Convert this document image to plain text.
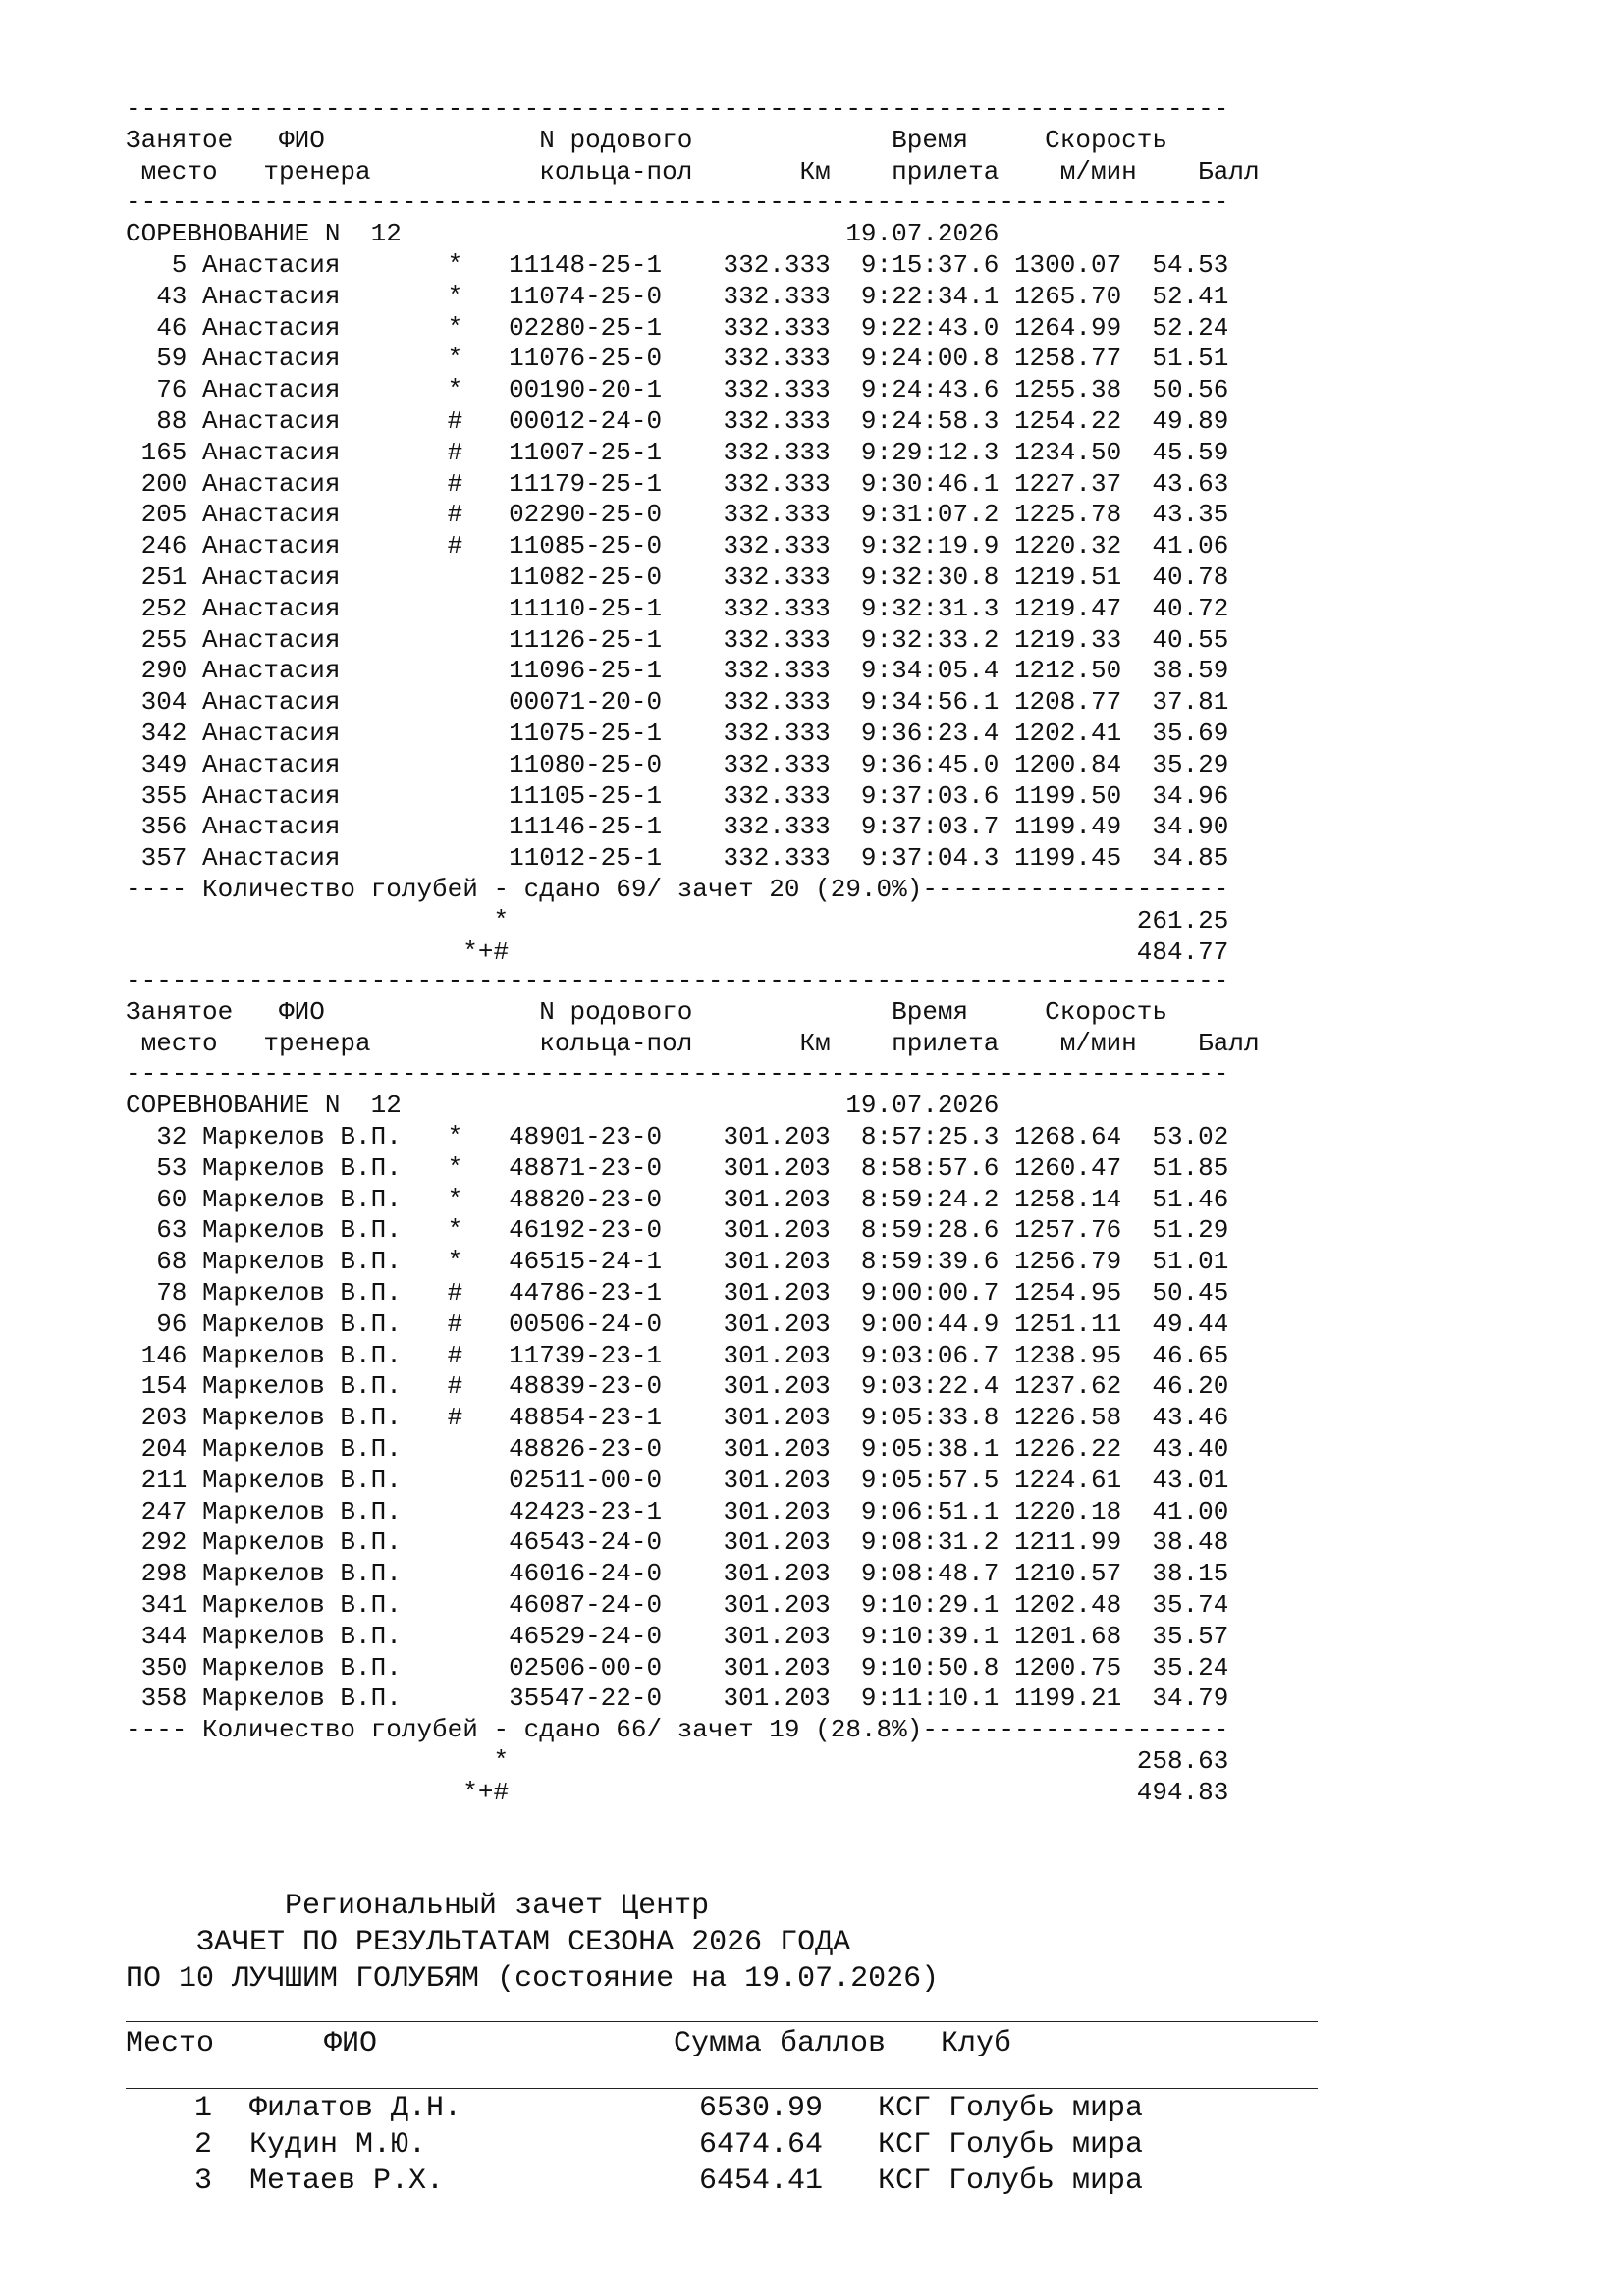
------------------------------------------------------------------------
Занятое   ФИО              N родового             Время     Скорость
место   тренера           кольца-пол       Км    прилета    м/мин    Балл
------------------------------------------------------------------------
СОРЕВНОВАНИЕ N  12                             19.07.2026
5 Анастасия       *   11148-25-1    332.333  9:15:37.6 1300.07  54.53
43 Анастасия       *   11074-25-0    332.333  9:22:34.1 1265.70  52.41
46 Анастасия       *   02280-25-1    332.333  9:22:43.0 1264.99  52.24
59 Анастасия       *   11076-25-0    332.333  9:24:00.8 1258.77  51.51
76 Анастасия       *   00190-20-1    332.333  9:24:43.6 1255.38  50.56
88 Анастасия       #   00012-24-0    332.333  9:24:58.3 1254.22  49.89
165 Анастасия       #   11007-25-1    332.333  9:29:12.3 1234.50  45.59
200 Анастасия       #   11179-25-1    332.333  9:30:46.1 1227.37  43.63
205 Анастасия       #   02290-25-0    332.333  9:31:07.2 1225.78  43.35
246 Анастасия       #   11085-25-0    332.333  9:32:19.9 1220.32  41.06
251 Анастасия           11082-25-0    332.333  9:32:30.8 1219.51  40.78
252 Анастасия           11110-25-1    332.333  9:32:31.3 1219.47  40.72
255 Анастасия           11126-25-1    332.333  9:32:33.2 1219.33  40.55
290 Анастасия           11096-25-1    332.333  9:34:05.4 1212.50  38.59
304 Анастасия           00071-20-0    332.333  9:34:56.1 1208.77  37.81
342 Анастасия           11075-25-1    332.333  9:36:23.4 1202.41  35.69
349 Анастасия           11080-25-0    332.333  9:36:45.0 1200.84  35.29
355 Анастасия           11105-25-1    332.333  9:37:03.6 1199.50  34.96
356 Анастасия           11146-25-1    332.333  9:37:03.7 1199.49  34.90
357 Анастасия           11012-25-1    332.333  9:37:04.3 1199.45  34.85
---- Количество голубей - сдано 69/ зачет 20 (29.0%)--------------------
*                                         261.25
*+#                                         484.77
------------------------------------------------------------------------
Занятое   ФИО              N родового             Время     Скорость
место   тренера           кольца-пол       Км    прилета    м/мин    Балл
------------------------------------------------------------------------
СОРЕВНОВАНИЕ N  12                             19.07.2026
32 Маркелов В.П.   *   48901-23-0    301.203  8:57:25.3 1268.64  53.02
53 Маркелов В.П.   *   48871-23-0    301.203  8:58:57.6 1260.47  51.85
60 Маркелов В.П.   *   48820-23-0    301.203  8:59:24.2 1258.14  51.46
63 Маркелов В.П.   *   46192-23-0    301.203  8:59:28.6 1257.76  51.29
68 Маркелов В.П.   *   46515-24-1    301.203  8:59:39.6 1256.79  51.01
78 Маркелов В.П.   #   44786-23-1    301.203  9:00:00.7 1254.95  50.45
96 Маркелов В.П.   #   00506-24-0    301.203  9:00:44.9 1251.11  49.44
146 Маркелов В.П.   #   11739-23-1    301.203  9:03:06.7 1238.95  46.65
154 Маркелов В.П.   #   48839-23-0    301.203  9:03:22.4 1237.62  46.20
203 Маркелов В.П.   #   48854-23-1    301.203  9:05:33.8 1226.58  43.46
204 Маркелов В.П.       48826-23-0    301.203  9:05:38.1 1226.22  43.40
211 Маркелов В.П.       02511-00-0    301.203  9:05:57.5 1224.61  43.01
247 Маркелов В.П.       42423-23-1    301.203  9:06:51.1 1220.18  41.00
292 Маркелов В.П.       46543-24-0    301.203  9:08:31.2 1211.99  38.48
298 Маркелов В.П.       46016-24-0    301.203  9:08:48.7 1210.57  38.15
341 Маркелов В.П.       46087-24-0    301.203  9:10:29.1 1202.48  35.74
344 Маркелов В.П.       46529-24-0    301.203  9:10:39.1 1201.68  35.57
350 Маркелов В.П.       02506-00-0    301.203  9:10:50.8 1200.75  35.24
358 Маркелов В.П.       35547-22-0    301.203  9:11:10.1 1199.21  34.79
---- Количество голубей - сдано 66/ зачет 19 (28.8%)--------------------
*                                         258.63
*+#                                         494.83
Региональный зачет Центр
ЗАЧЕТ ПО РЕЗУЛЬТАТАМ СЕЗОНА 2026 ГОДА
ПО 10 ЛУЧШИМ ГОЛУБЯМ (состояние на 19.07.2026)
Место	ФИО	Сумма баллов	Клуб
1	Филатов Д.Н.	6530.99	КСГ Голубь мира
2	Кудин М.Ю.	6474.64	КСГ Голубь мира
3	Метаев Р.Х.	6454.41	КСГ Голубь мира
